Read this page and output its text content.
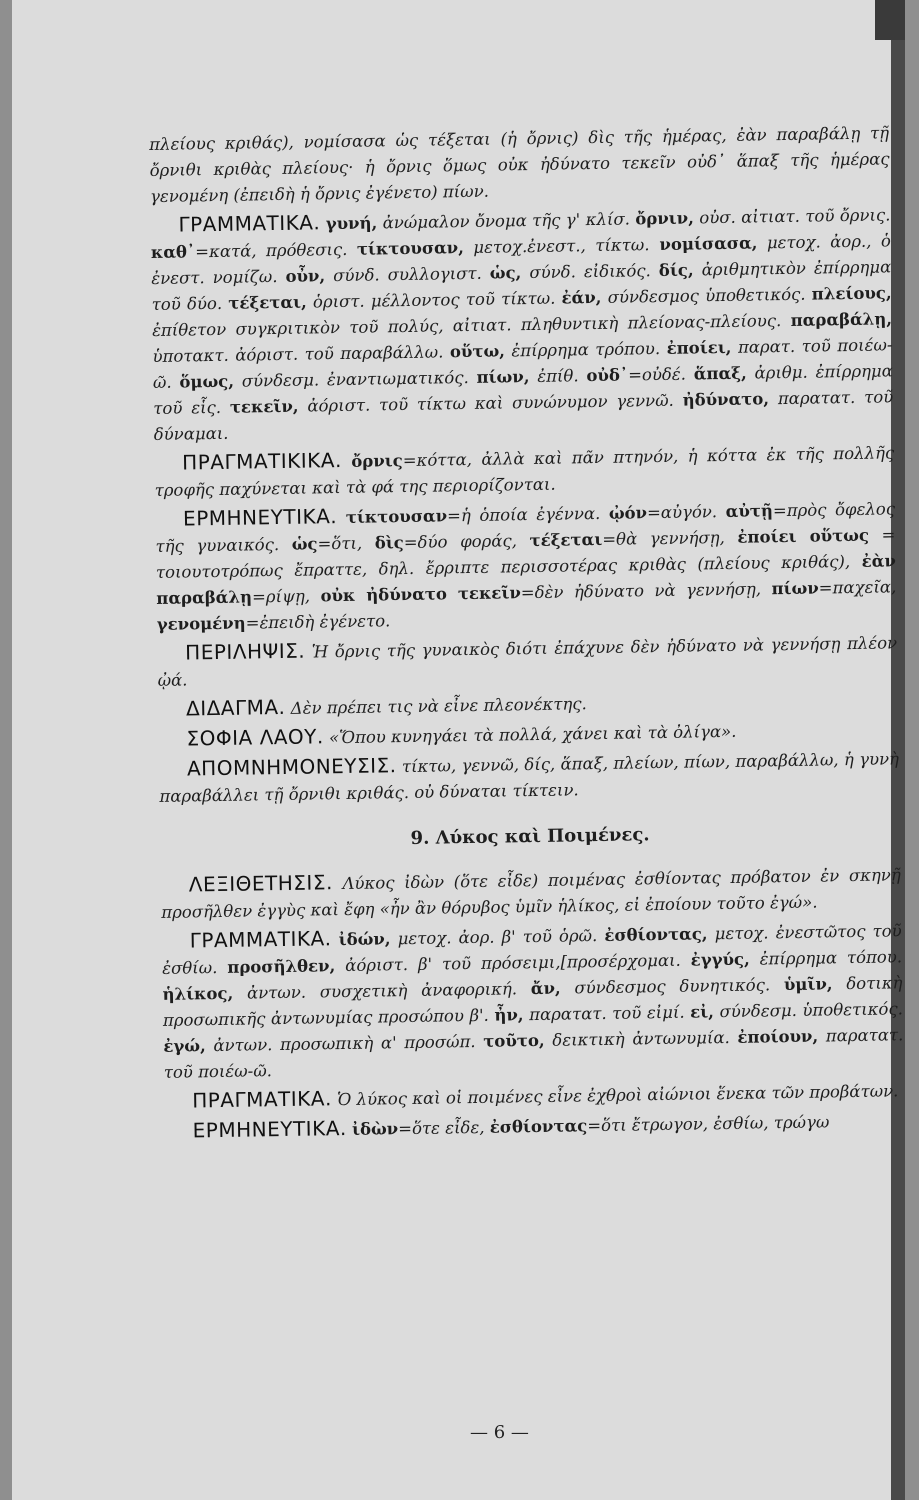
πλείους κριθάς), νομίσασα ὡς τέξεται (ἡ ὄρνις) δὶς τῆς ἡμέρας, ἐὰν παραβάλῃ τῇ ὄρνιθι κριθὰς πλείους· ἡ ὄρνις ὅμως οὐκ ἠδύνατο τεκεῖν οὐδ᾽ ἅπαξ τῆς ἡμέρας γενομένη (ἐπειδὴ ἡ ὄρνις ἐγένετο) πίων.

ΓΡΑΜΜΑΤΙΚΑ. γυνή, ἀνώμαλον ὄνομα τῆς γ' κλίσ. ὄρνιν, οὐσ. αἰτιατ. τοῦ ὄρνις. καθ᾽=κατά, πρόθεσις. τίκτουσαν, μετοχ.ἐνεστ., τίκτω. νομίσασα, μετοχ. ἀορ., ὁ ἐνεστ. νομίζω. οὖν, σύνδ. συλλογιστ. ὡς, σύνδ. εἰδικός. δίς, ἀριθμητικὸν ἐπίρρημα τοῦ δύο. τέξεται, ὁριστ. μέλλοντος τοῦ τίκτω. ἐάν, σύνδεσμος ὑποθετικός. πλείους, ἐπίθετον συγκριτικὸν τοῦ πολύς, αἰτιατ. πληθυντικὴ πλείονας-πλείους. παραβάλῃ, ὑποτακτ. ἀόριστ. τοῦ παραβάλλω. οὕτω, ἐπίρρημα τρόπου. ἐποίει, παρατ. τοῦ ποιέω-ῶ. ὅμως, σύνδεσμ. ἐναντιωματικός. πίων, ἐπίθ. οὐδ᾽=οὐδέ. ἅπαξ, ἀριθμ. ἐπίρρημα τοῦ εἷς. τεκεῖν, ἀόριστ. τοῦ τίκτω καὶ συνώνυμον γεννῶ. ἠδύνατο, παρατατ. τοῦ δύναμαι.

ΠΡΑΓΜΑΤΙΚΙΚΑ. ὄρνις=κόττα, ἀλλὰ καὶ πᾶν πτηνόν, ἡ κόττα ἐκ τῆς πολλῆς τροφῆς παχύνεται καὶ τὰ φά της περιορίζονται.

ΕΡΜΗΝΕΥΤΙΚΑ. τίκτουσαν=ἡ ὁποία ἐγέννα. ᾠόν=αὐγόν. αὐτῇ=πρὸς ὄφελος τῆς γυναικός. ὡς=ὅτι, δὶς=δύο φοράς, τέξεται=θὰ γεννήσῃ, ἐποίει οὕτως = τοιουτοτρόπως ἔπραττε, δηλ. ἔρριπτε περισσοτέρας κριθὰς (πλείους κριθάς), ἐὰν παραβάλῃ=ρίψῃ, οὐκ ἠδύνατο τεκεῖν=δὲν ἠδύνατο νὰ γεννήσῃ, πίων=παχεῖα, γενομένη=ἐπειδὴ ἐγένετο.

ΠΕΡΙΛΗΨΙΣ. Ἡ ὄρνις τῆς γυναικὸς διότι ἐπάχυνε δὲν ἠδύνατο νὰ γεννήσῃ πλέον ᾠά.

ΔΙΔΑΓΜΑ. Δὲν πρέπει τις νὰ εἶνε πλεονέκτης.

ΣΟΦΙΑ ΛΑΟΥ. «Ὅπου κυνηγάει τὰ πολλά, χάνει καὶ τὰ ὀλίγα».

ΑΠΟΜΝΗΜΟΝΕΥΣΙΣ. τίκτω, γεννῶ, δίς, ἅπαξ, πλείων, πίων, παραβάλλω, ἡ γυνὴ παραβάλλει τῇ ὄρνιθι κριθάς. οὐ δύναται τίκτειν.

9. Λύκος καὶ Ποιμένες.

ΛΕΞΙΘΕΤΗΣΙΣ. Λύκος ἰδὼν (ὅτε εἶδε) ποιμένας ἐσθίοντας πρόβατον ἐν σκηνῇ προσῆλθεν ἐγγὺς καὶ ἔφη «ἦν ἂν θόρυβος ὑμῖν ἡλίκος, εἰ ἐποίουν τοῦτο ἐγώ».

ΓΡΑΜΜΑΤΙΚΑ. ἰδών, μετοχ. ἀορ. β' τοῦ ὁρῶ. ἐσθίοντας, μετοχ. ἐνεστῶτος τοῦ ἐσθίω. προσῆλθεν, ἀόριστ. β' τοῦ πρόσειμι,[προσέρχομαι. ἐγγύς, ἐπίρρημα τόπου. ἡλίκος, ἀντων. συσχετικὴ ἀναφορική. ἄν, σύνδεσμος δυνητικός. ὑμῖν, δοτικὴ προσωπικῆς ἀντωνυμίας προσώπου β'. ἦν, παρατατ. τοῦ εἰμί. εἰ, σύνδεσμ. ὑποθετικός. ἐγώ, ἀντων. προσωπικὴ α' προσώπ. τοῦτο, δεικτικὴ ἀντωνυμία. ἐποίουν, παρατατ. τοῦ ποιέω-ῶ.

ΠΡΑΓΜΑΤΙΚΑ. Ὁ λύκος καὶ οἱ ποιμένες εἶνε ἐχθροὶ αἰώνιοι ἕνεκα τῶν προβάτων.

ΕΡΜΗΝΕΥΤΙΚΑ. ἰδὼν=ὅτε εἶδε, ἐσθίοντας=ὅτι ἔτρωγον, ἐσθίω, τρώγω

— 6 —
